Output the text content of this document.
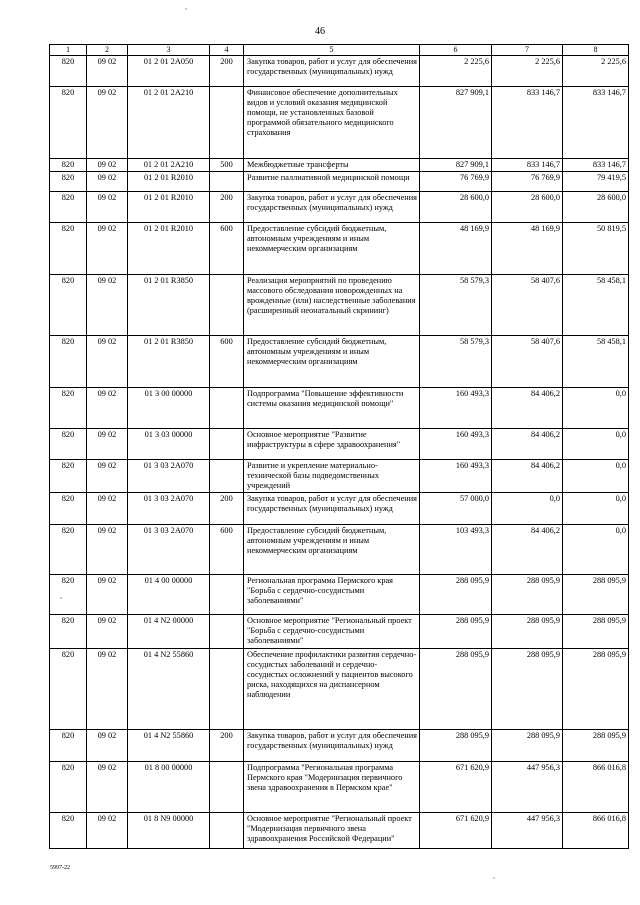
46
1	2	3	4	5	6	7	8
820	09 02	01 2 01 2A050	200	Закупка товаров, работ и услуг для обеспечения государственных (муниципальных) нужд	2 225,6	2 225,6	2 225,6
820	09 02	01 2 01 2A210		Финансовое обеспечение дополнительных видов и условий оказания медицинской помощи, не установленных базовой программой обязательного медицинского страхования	827 909,1	833 146,7	833 146,7
820	09 02	01 2 01 2A210	500	Межбюджетные трансферты	827 909,1	833 146,7	833 146,7
820	09 02	01 2 01 R2010		Развитие паллиативной медицинской помощи	76 769,9	76 769,9	79 419,5
820	09 02	01 2 01 R2010	200	Закупка товаров, работ и услуг для обеспечения государственных (муниципальных) нужд	28 600,0	28 600,0	28 600,0
820	09 02	01 2 01 R2010	600	Предоставление субсидий бюджетным, автономным учреждениям и иным некоммерческим организациям	48 169,9	48 169,9	50 819,5
820	09 02	01 2 01 R3850		Реализация мероприятий по проведению массового обследования новорожденных на врожденные (или) наследственные заболевания (расширенный неонатальный скрининг)	58 579,3	58 407,6	58 458,1
820	09 02	01 2 01 R3850	600	Предоставление субсидий бюджетным, автономным учреждениям и иным некоммерческим организациям	58 579,3	58 407,6	58 458,1
820	09 02	01 3 00 00000		Подпрограмма "Повышение эффективности системы оказания медицинской помощи"	160 493,3	84 406,2	0,0
820	09 02	01 3 03 00000		Основное мероприятие "Развитие инфраструктуры в сфере здравоохранения"	160 493,3	84 406,2	0,0
820	09 02	01 3 03 2A070		Развитие и укрепление материально-технической базы подведомственных учреждений	160 493,3	84 406,2	0,0
820	09 02	01 3 03 2A070	200	Закупка товаров, работ и услуг для обеспечения государственных (муниципальных) нужд	57 000,0	0,0	0,0
820	09 02	01 3 03 2A070	600	Предоставление субсидий бюджетным, автономным учреждениям и иным некоммерческим организациям	103 493,3	84 406,2	0,0
820	09 02	01 4 00 00000		Региональная программа Пермского края "Борьба с сердечно-сосудистыми заболеваниями"	288 095,9	288 095,9	288 095,9
820	09 02	01 4 N2 00000		Основное мероприятие "Региональный проект "Борьба с сердечно-сосудистыми заболеваниями"	288 095,9	288 095,9	288 095,9
820	09 02	01 4 N2 55860		Обеспечение профилактики развития сердечно-сосудистых заболеваний и сердечно-сосудистых осложнений у пациентов высокого риска, находящихся на диспансерном наблюдении	288 095,9	288 095,9	288 095,9
820	09 02	01 4 N2 55860	200	Закупка товаров, работ и услуг для обеспечения государственных (муниципальных) нужд	288 095,9	288 095,9	288 095,9
820	09 02	01 8 00 00000		Подпрограмма "Региональная программа Пермского края "Модернизация первичного звена здравоохранения в Пермском крае"	671 620,9	447 956,3	866 016,8
820	09 02	01 8 N9 00000		Основное мероприятие "Региональный проект "Модернизация первичного звена здравоохранения Российской Федерации"	671 620,9	447 956,3	866 016,8
5997-22
